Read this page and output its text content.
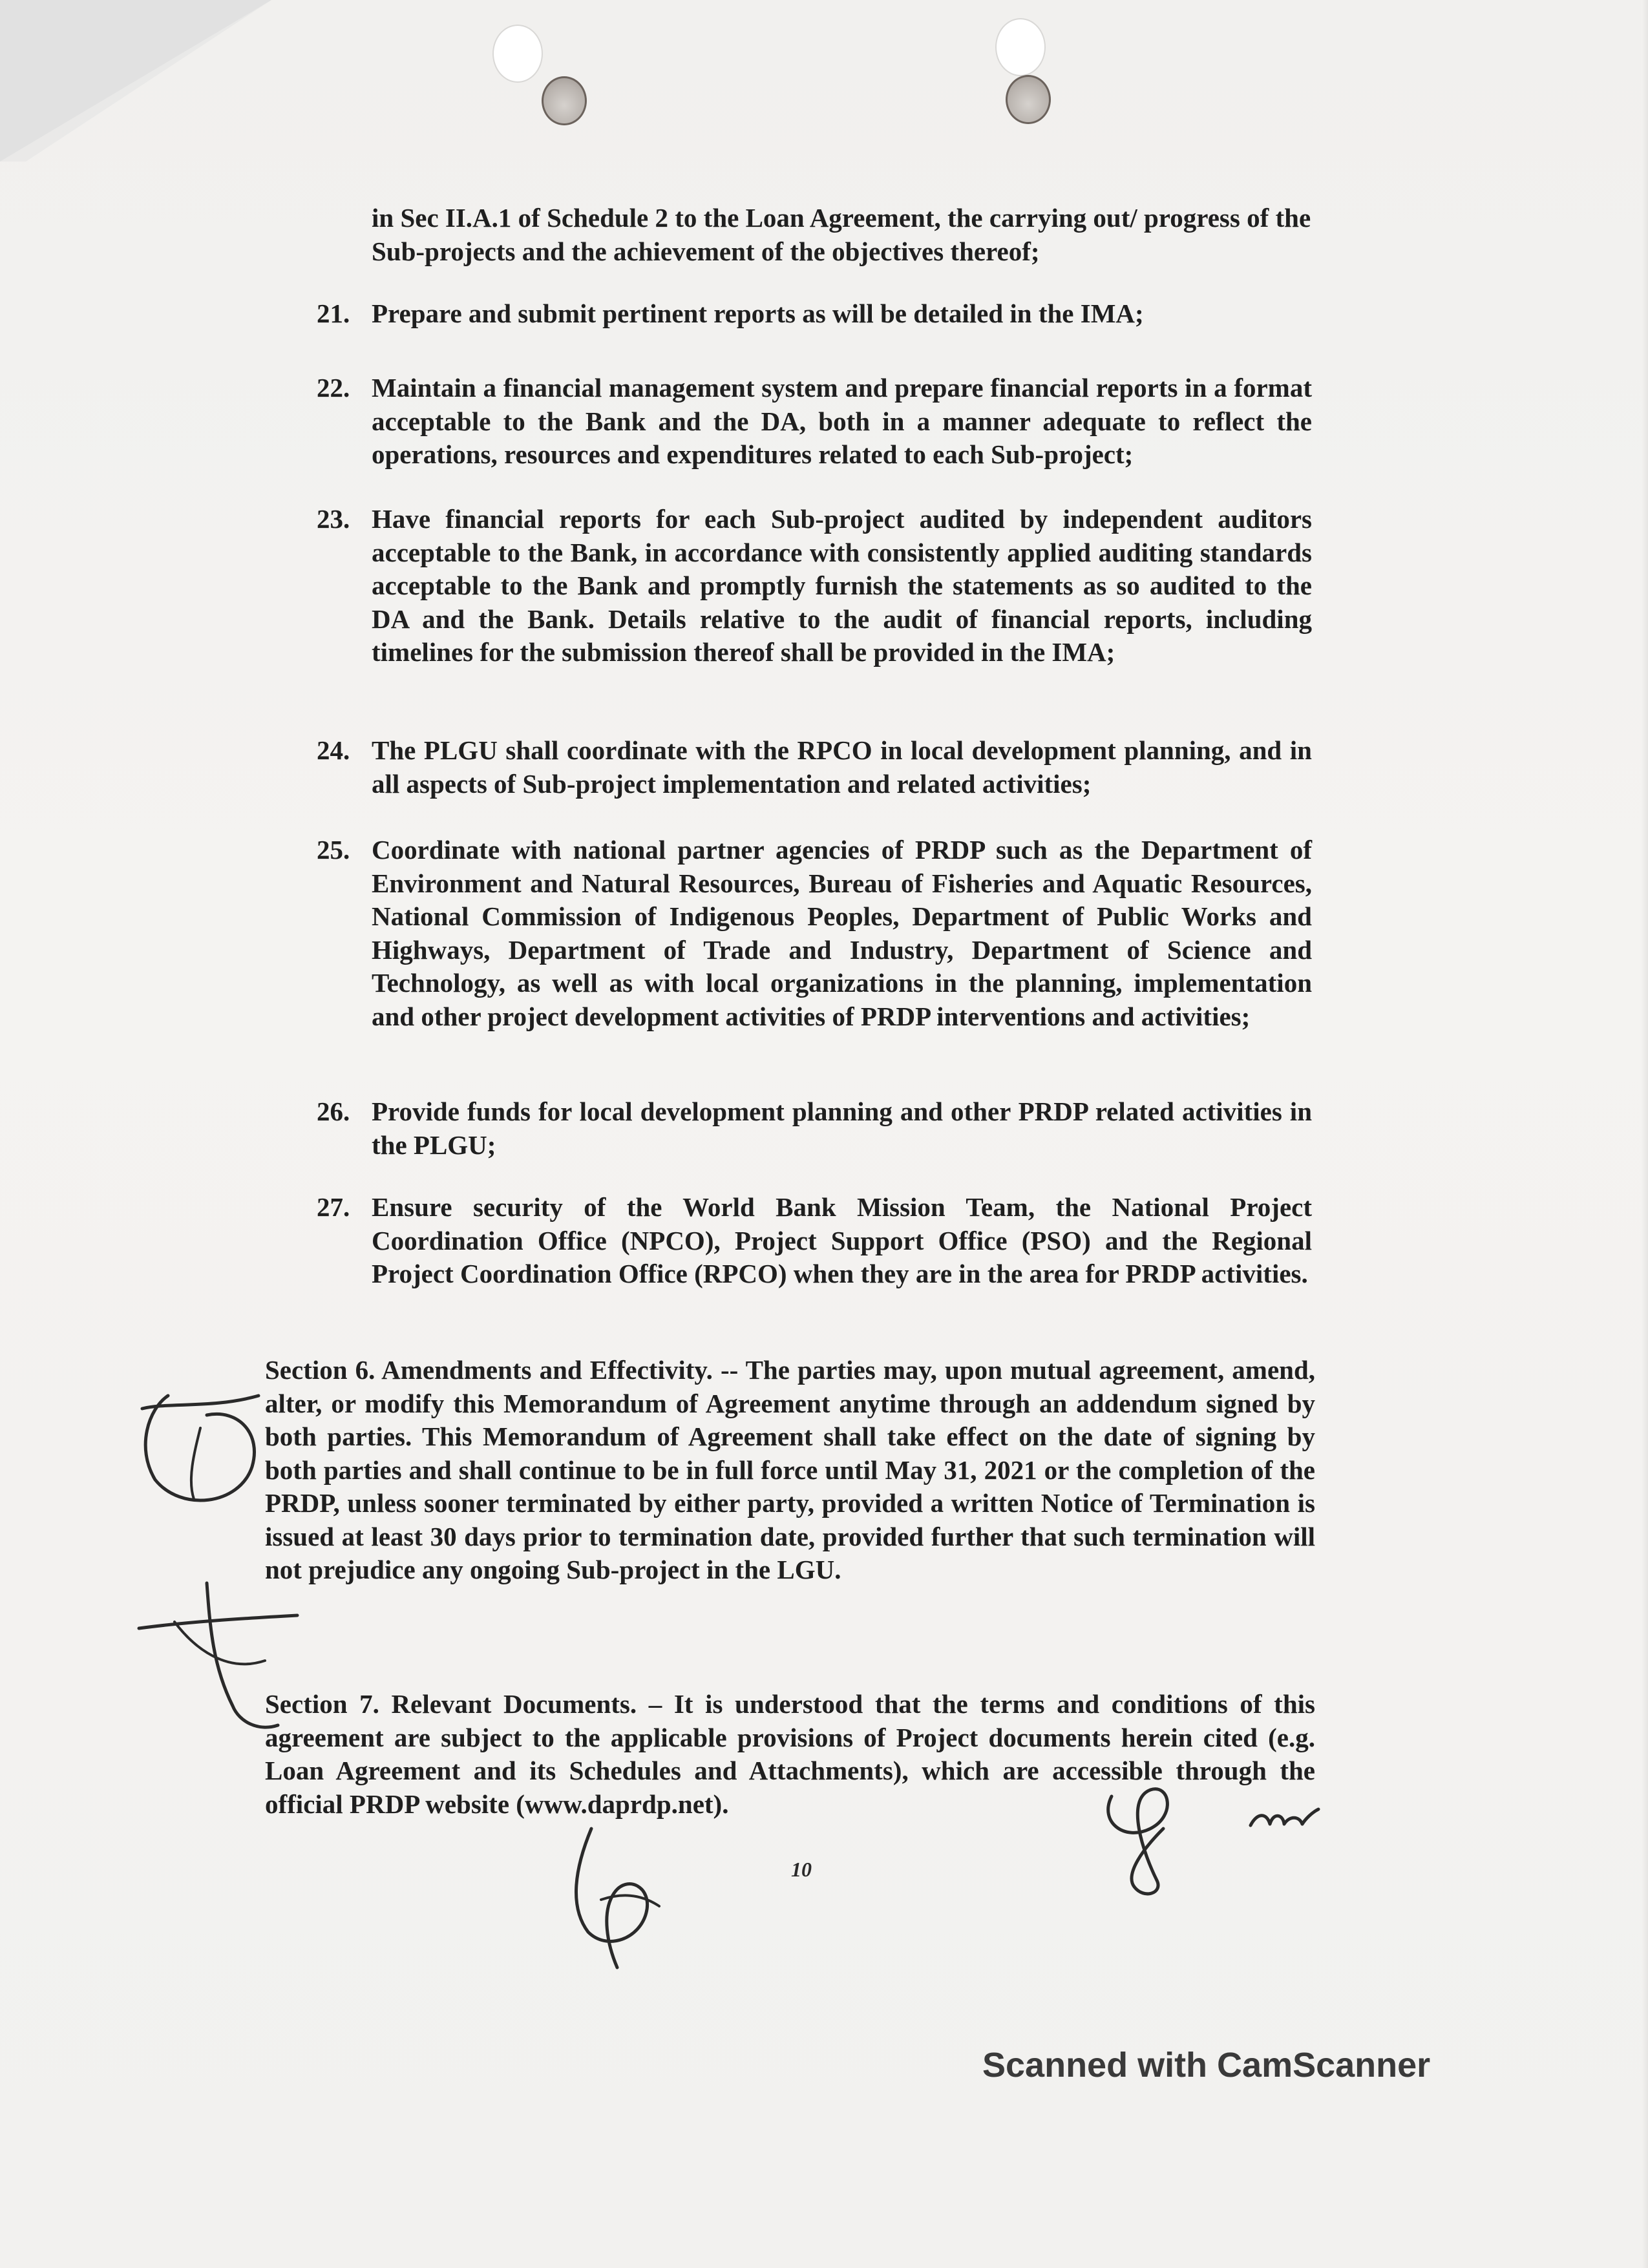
in Sec II.A.1 of Schedule 2 to the Loan Agreement, the carrying out/ progress of the Sub-projects and the achievement of the objectives thereof;
21. Prepare and submit pertinent reports as will be detailed in the IMA;
22. Maintain a financial management system and prepare financial reports in a format acceptable to the Bank and the DA, both in a manner adequate to reflect the operations, resources and expenditures related to each Sub-project;
23. Have financial reports for each Sub-project audited by independent auditors acceptable to the Bank, in accordance with consistently applied auditing standards acceptable to the Bank and promptly furnish the statements as so audited to the DA and the Bank. Details relative to the audit of financial reports, including timelines for the submission thereof shall be provided in the IMA;
24. The PLGU shall coordinate with the RPCO in local development planning, and in all aspects of Sub-project implementation and related activities;
25. Coordinate with national partner agencies of PRDP such as the Department of Environment and Natural Resources, Bureau of Fisheries and Aquatic Resources, National Commission of Indigenous Peoples, Department of Public Works and Highways, Department of Trade and Industry, Department of Science and Technology, as well as with local organizations in the planning, implementation and other project development activities of PRDP interventions and activities;
26. Provide funds for local development planning and other PRDP related activities in the PLGU;
27. Ensure security of the World Bank Mission Team, the National Project Coordination Office (NPCO), Project Support Office (PSO) and the Regional Project Coordination Office (RPCO) when they are in the area for PRDP activities.
Section 6. Amendments and Effectivity. -- The parties may, upon mutual agreement, amend, alter, or modify this Memorandum of Agreement anytime through an addendum signed by both parties. This Memorandum of Agreement shall take effect on the date of signing by both parties and shall continue to be in full force until May 31, 2021 or the completion of the PRDP, unless sooner terminated by either party, provided a written Notice of Termination is issued at least 30 days prior to termination date, provided further that such termination will not prejudice any ongoing Sub-project in the LGU.
Section 7. Relevant Documents. – It is understood that the terms and conditions of this agreement are subject to the applicable provisions of Project documents herein cited (e.g. Loan Agreement and its Schedules and Attachments), which are accessible through the official PRDP website (www.daprdp.net).
10
Scanned with CamScanner
